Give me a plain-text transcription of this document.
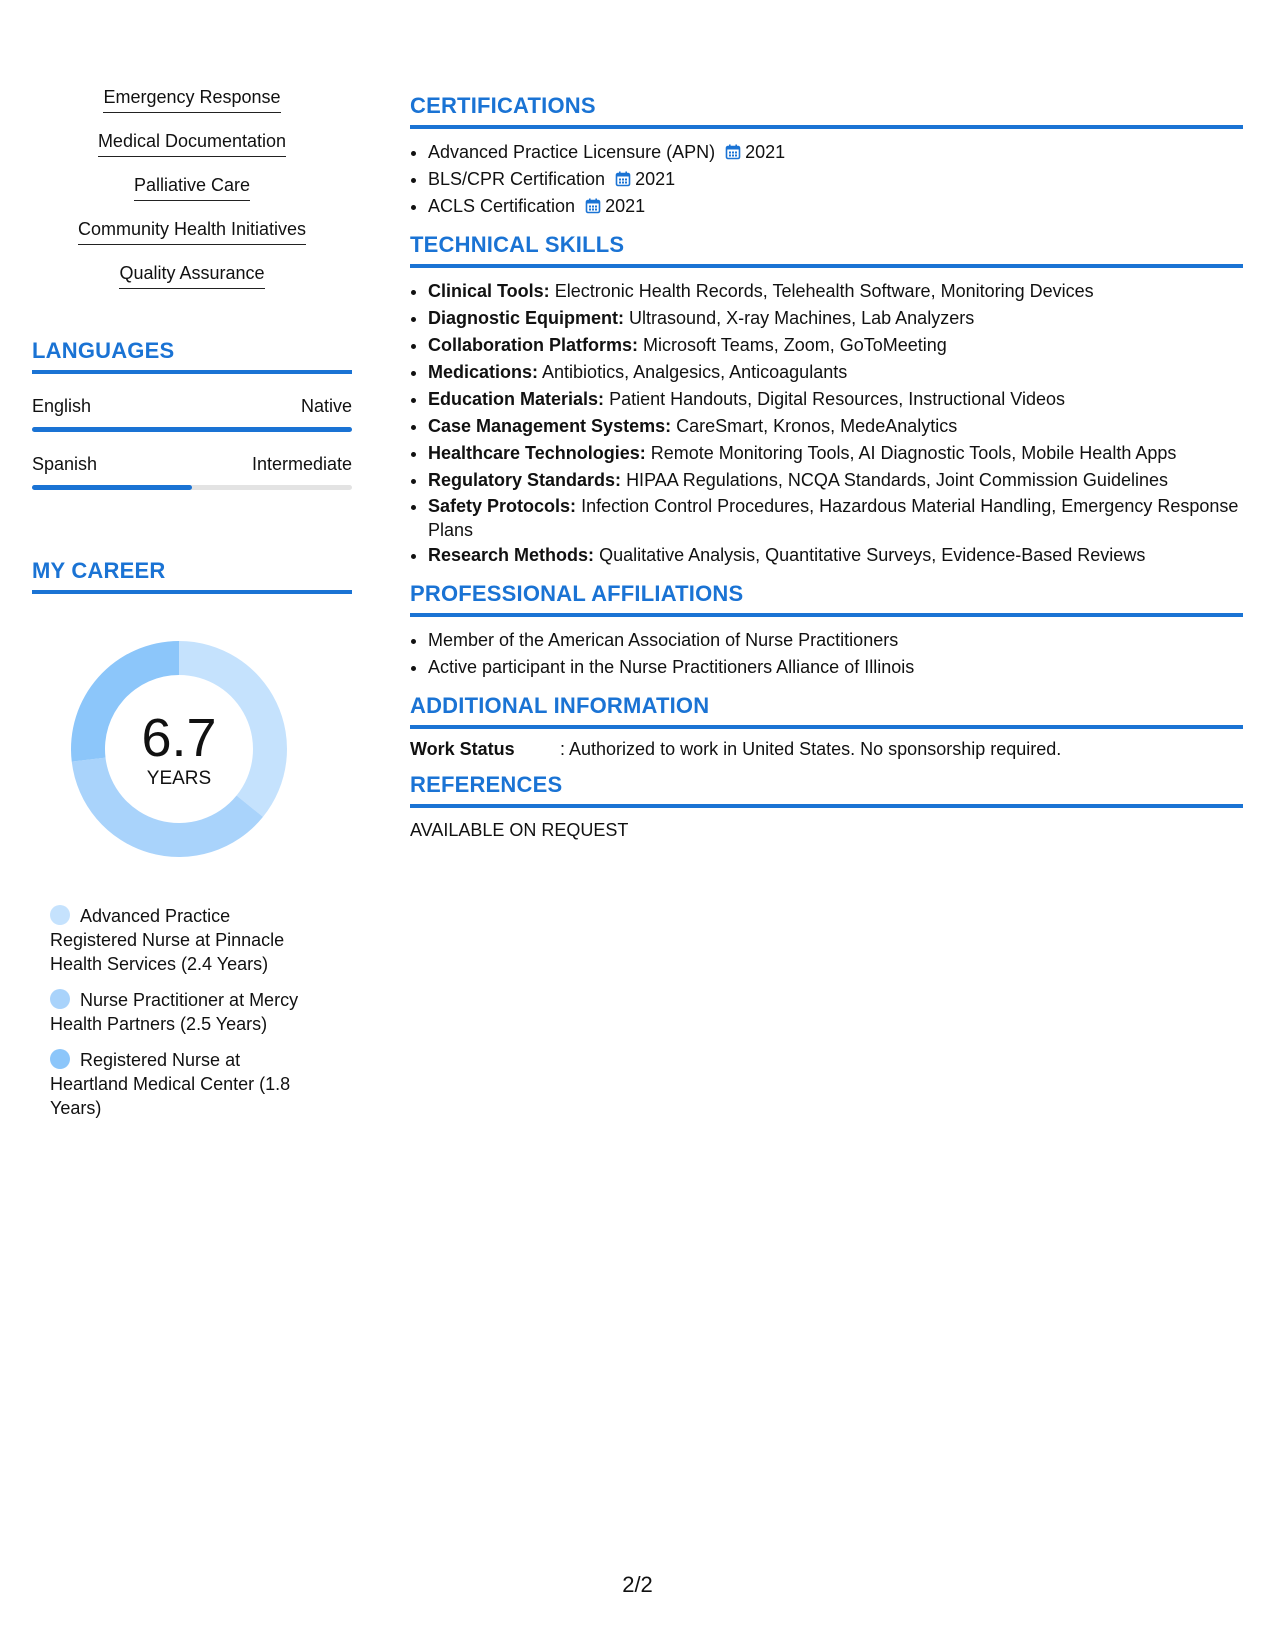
Emergency Response
Medical Documentation
Palliative Care
Community Health Initiatives
Quality Assurance
LANGUAGES
English	Native
Spanish	Intermediate
MY CAREER
6.7
YEARS
Advanced Practice Registered Nurse at Pinnacle Health Services (2.4 Years)
Nurse Practitioner at Mercy Health Partners (2.5 Years)
Registered Nurse at Heartland Medical Center (1.8 Years)
CERTIFICATIONS
• Advanced Practice Licensure (APN) 2021
• BLS/CPR Certification 2021
• ACLS Certification 2021
TECHNICAL SKILLS
• Clinical Tools: Electronic Health Records, Telehealth Software, Monitoring Devices
• Diagnostic Equipment: Ultrasound, X-ray Machines, Lab Analyzers
• Collaboration Platforms: Microsoft Teams, Zoom, GoToMeeting
• Medications: Antibiotics, Analgesics, Anticoagulants
• Education Materials: Patient Handouts, Digital Resources, Instructional Videos
• Case Management Systems: CareSmart, Kronos, MedeAnalytics
• Healthcare Technologies: Remote Monitoring Tools, AI Diagnostic Tools, Mobile Health Apps
• Regulatory Standards: HIPAA Regulations, NCQA Standards, Joint Commission Guidelines
• Safety Protocols: Infection Control Procedures, Hazardous Material Handling, Emergency Response Plans
• Research Methods: Qualitative Analysis, Quantitative Surveys, Evidence-Based Reviews
PROFESSIONAL AFFILIATIONS
• Member of the American Association of Nurse Practitioners
• Active participant in the Nurse Practitioners Alliance of Illinois
ADDITIONAL INFORMATION
Work Status	: Authorized to work in United States. No sponsorship required.
REFERENCES
AVAILABLE ON REQUEST
2/2
